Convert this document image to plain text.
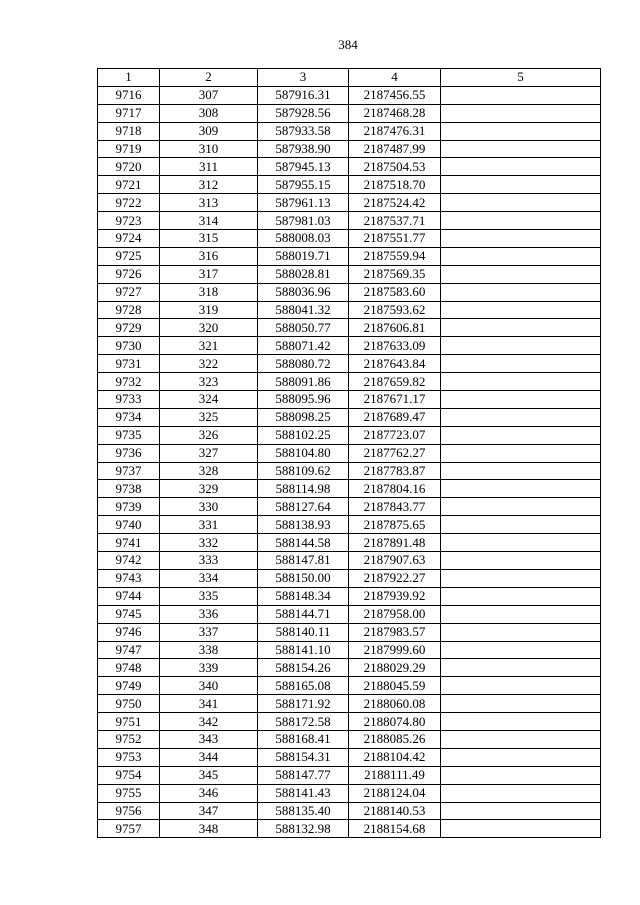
384
1	2	3	4	5
9716	307	587916.31	2187456.55	
9717	308	587928.56	2187468.28	
9718	309	587933.58	2187476.31	
9719	310	587938.90	2187487.99	
9720	311	587945.13	2187504.53	
9721	312	587955.15	2187518.70	
9722	313	587961.13	2187524.42	
9723	314	587981.03	2187537.71	
9724	315	588008.03	2187551.77	
9725	316	588019.71	2187559.94	
9726	317	588028.81	2187569.35	
9727	318	588036.96	2187583.60	
9728	319	588041.32	2187593.62	
9729	320	588050.77	2187606.81	
9730	321	588071.42	2187633.09	
9731	322	588080.72	2187643.84	
9732	323	588091.86	2187659.82	
9733	324	588095.96	2187671.17	
9734	325	588098.25	2187689.47	
9735	326	588102.25	2187723.07	
9736	327	588104.80	2187762.27	
9737	328	588109.62	2187783.87	
9738	329	588114.98	2187804.16	
9739	330	588127.64	2187843.77	
9740	331	588138.93	2187875.65	
9741	332	588144.58	2187891.48	
9742	333	588147.81	2187907.63	
9743	334	588150.00	2187922.27	
9744	335	588148.34	2187939.92	
9745	336	588144.71	2187958.00	
9746	337	588140.11	2187983.57	
9747	338	588141.10	2187999.60	
9748	339	588154.26	2188029.29	
9749	340	588165.08	2188045.59	
9750	341	588171.92	2188060.08	
9751	342	588172.58	2188074.80	
9752	343	588168.41	2188085.26	
9753	344	588154.31	2188104.42	
9754	345	588147.77	2188111.49	
9755	346	588141.43	2188124.04	
9756	347	588135.40	2188140.53	
9757	348	588132.98	2188154.68	
